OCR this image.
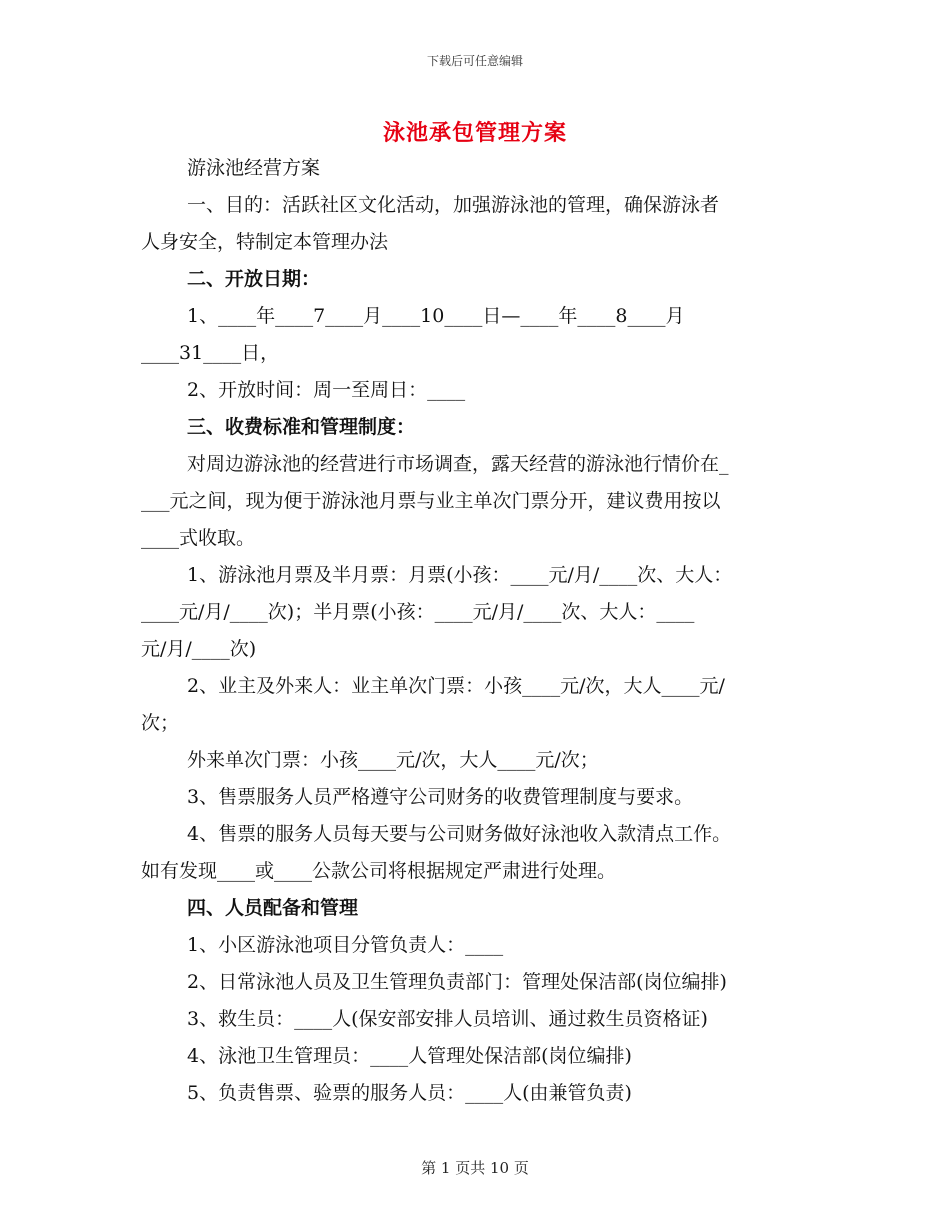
下载后可任意编辑
泳池承包管理方案

游泳池经营方案

一、目的：活跃社区文化活动，加强游泳池的管理，确保游泳者

人身安全，特制定本管理办法

二、开放日期：

1、____年____7____月____10____日—____年____8____月

____31____日，

2、开放时间：周一至周日：____

三、收费标准和管理制度：

对周边游泳池的经营进行市场调查，露天经营的游泳池行情价在_

___元之间，现为便于游泳池月票与业主单次门票分开，建议费用按以

____式收取。

1、游泳池月票及半月票：月票(小孩：____元/月/____次、大人：

____元/月/____次)；半月票(小孩：____元/月/____次、大人：____

元/月/____次)

2、业主及外来人：业主单次门票：小孩____元/次，大人____元/

次；

外来单次门票：小孩____元/次，大人____元/次；

3、售票服务人员严格遵守公司财务的收费管理制度与要求。

4、售票的服务人员每天要与公司财务做好泳池收入款清点工作。

如有发现____或____公款公司将根据规定严肃进行处理。

四、人员配备和管理

1、小区游泳池项目分管负责人：____

2、日常泳池人员及卫生管理负责部门：管理处保洁部(岗位编排)

3、救生员：____人(保安部安排人员培训、通过救生员资格证)

4、泳池卫生管理员：____人管理处保洁部(岗位编排)

5、负责售票、验票的服务人员：____人(由兼管负责)

第 1 页共 10 页
